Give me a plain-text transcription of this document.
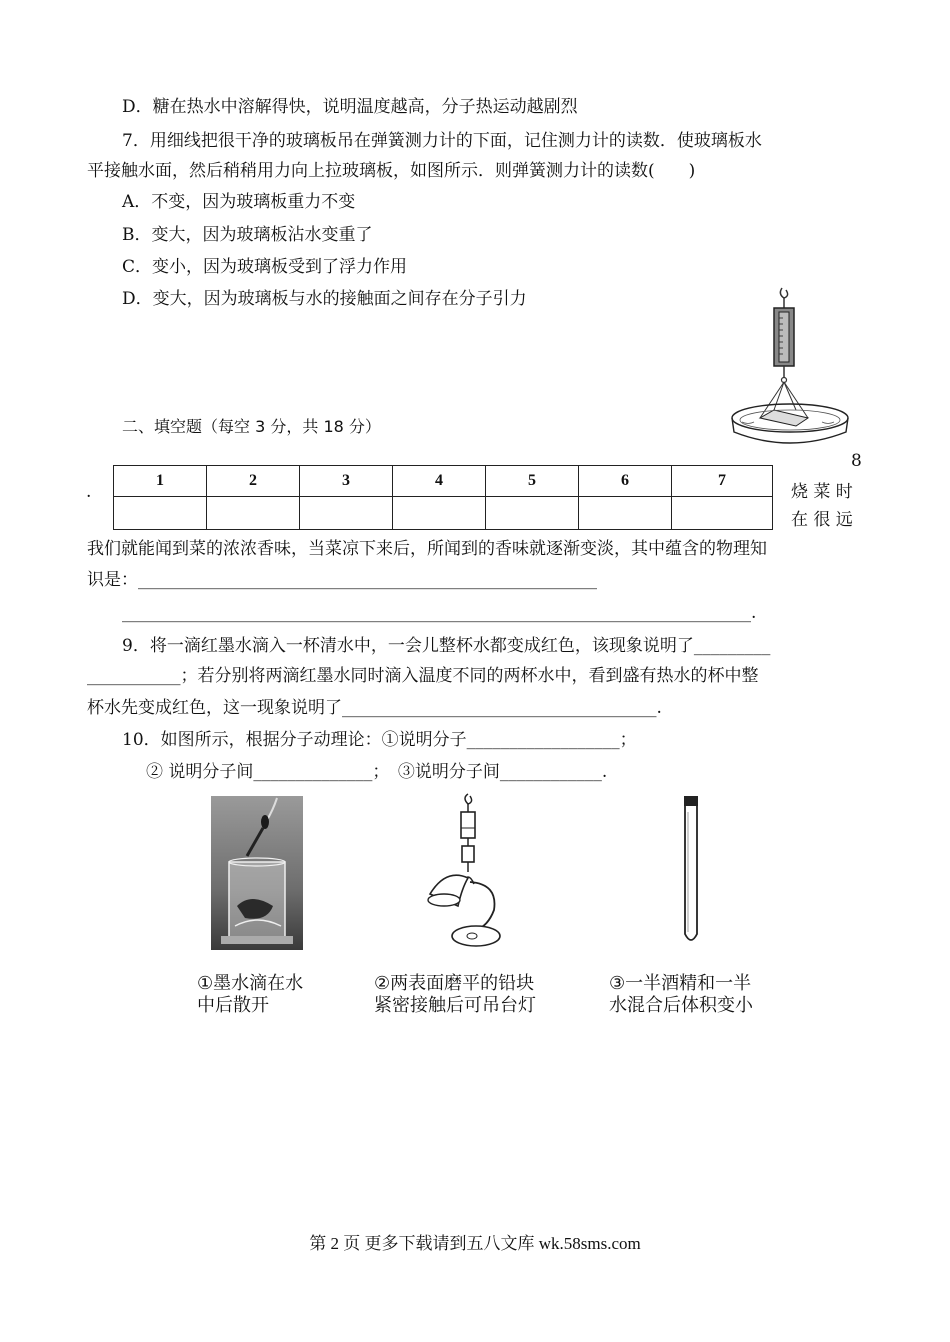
D．糖在热水中溶解得快，说明温度越高，分子热运动越剧烈
7．用细线把很干净的玻璃板吊在弹簧测力计的下面，记住测力计的读数．使玻璃板水
平接触水面，然后稍稍用力向上拉玻璃板，如图所示．则弹簧测力计的读数(　　)
A．不变，因为玻璃板重力不变
B．变大，因为玻璃板沾水变重了
C．变小，因为玻璃板受到了浮力作用
D．变大，因为玻璃板与水的接触面之间存在分子引力
二、填空题（每空 3 分，共 18 分）
8
.
1	2	3	4	5	6	7

烧 菜 时
在 很 远
我们就能闻到菜的浓浓香味，当菜凉下来后，所闻到的香味就逐渐变淡，其中蕴含的物理知
识是：______________________________________________________
__________________________________________________________________________.
9．将一滴红墨水滴入一杯清水中，一会儿整杯水都变成红色，该现象说明了_________
___________；若分别将两滴红墨水同时滴入温度不同的两杯水中，看到盛有热水的杯中整
杯水先变成红色，这一现象说明了_____________________________________.
10．如图所示，根据分子动理论：①说明分子__________________；
② 说明分子间______________；　③说明分子间____________.
①墨水滴在水
中后散开
②两表面磨平的铅块
紧密接触后可吊台灯
③一半酒精和一半
水混合后体积变小
第 2 页 更多下载请到五八文库 wk.58sms.com
